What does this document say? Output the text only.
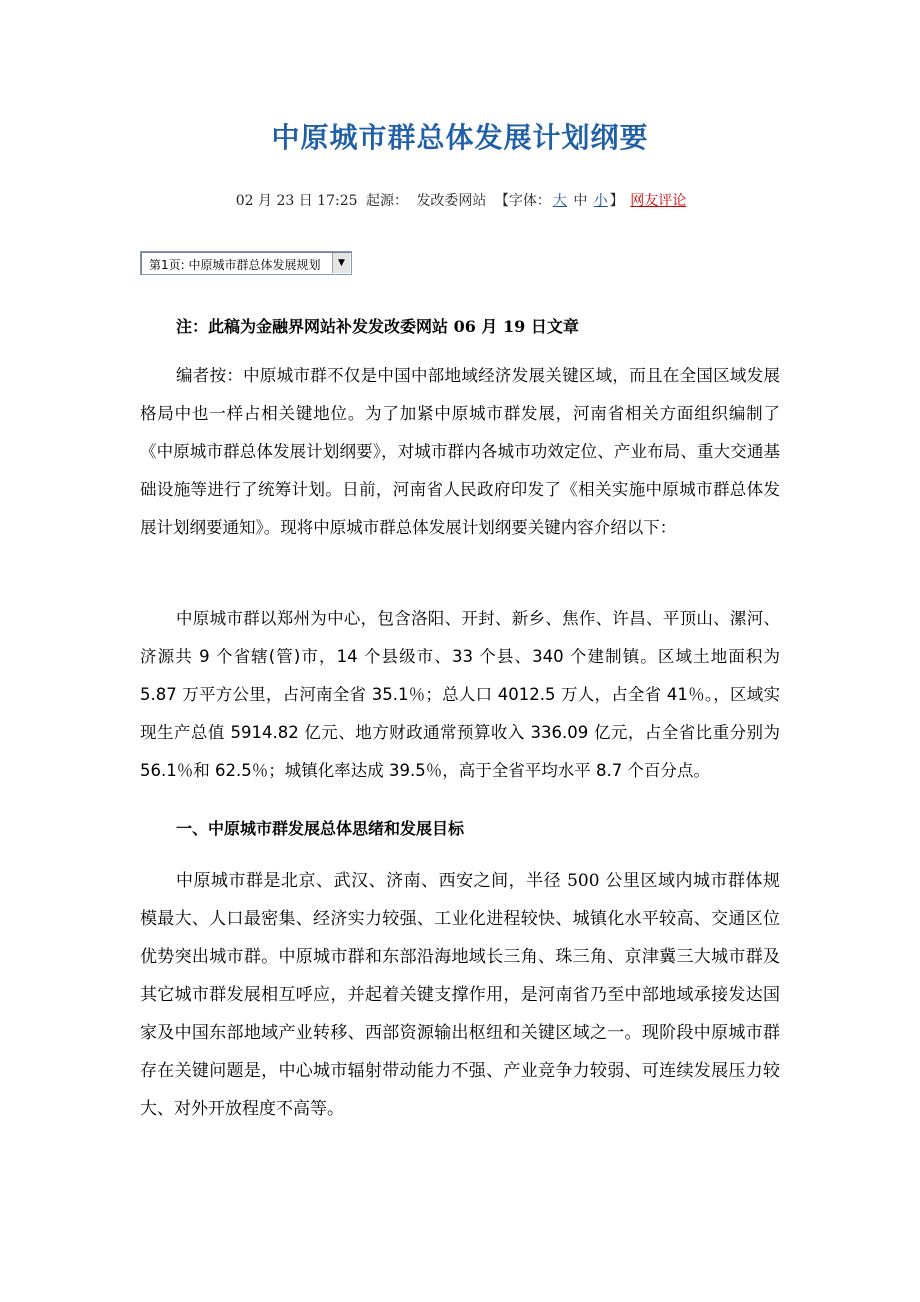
中原城市群总体发展计划纲要
02 月 23 日 17:25 起源： 发改委网站 【字体： 大 中 小 】 网友评论
第1页: 中原城市群总体发展规划	▼

注：此稿为金融界网站补发发改委网站 06 月 19 日文章

编者按：中原城市群不仅是中国中部地域经济发展关键区域，而且在全国区域发展格局中也一样占相关键地位。为了加紧中原城市群发展，河南省相关方面组织编制了《中原城市群总体发展计划纲要》，对城市群内各城市功效定位、产业布局、重大交通基础设施等进行了统筹计划。日前，河南省人民政府印发了《相关实施中原城市群总体发展计划纲要通知》。现将中原城市群总体发展计划纲要关键内容介绍以下：

中原城市群以郑州为中心，包含洛阳、开封、新乡、焦作、许昌、平顶山、漯河、济源共 9 个省辖(管)市，14 个县级市、33 个县、340 个建制镇。区域土地面积为 5.87 万平方公里，占河南全省 35.1％；总人口 4012.5 万人，占全省 41％。，区域实现生产总值 5914.82 亿元、地方财政通常预算收入 336.09 亿元，占全省比重分别为 56.1％和 62.5％；城镇化率达成 39.5％，高于全省平均水平 8.7 个百分点。

一、中原城市群发展总体思绪和发展目标

中原城市群是北京、武汉、济南、西安之间，半径 500 公里区域内城市群体规模最大、人口最密集、经济实力较强、工业化进程较快、城镇化水平较高、交通区位优势突出城市群。中原城市群和东部沿海地域长三角、珠三角、京津冀三大城市群及其它城市群发展相互呼应，并起着关键支撑作用，是河南省乃至中部地域承接发达国家及中国东部地域产业转移、西部资源输出枢纽和关键区域之一。现阶段中原城市群存在关键问题是，中心城市辐射带动能力不强、产业竞争力较弱、可连续发展压力较大、对外开放程度不高等。
